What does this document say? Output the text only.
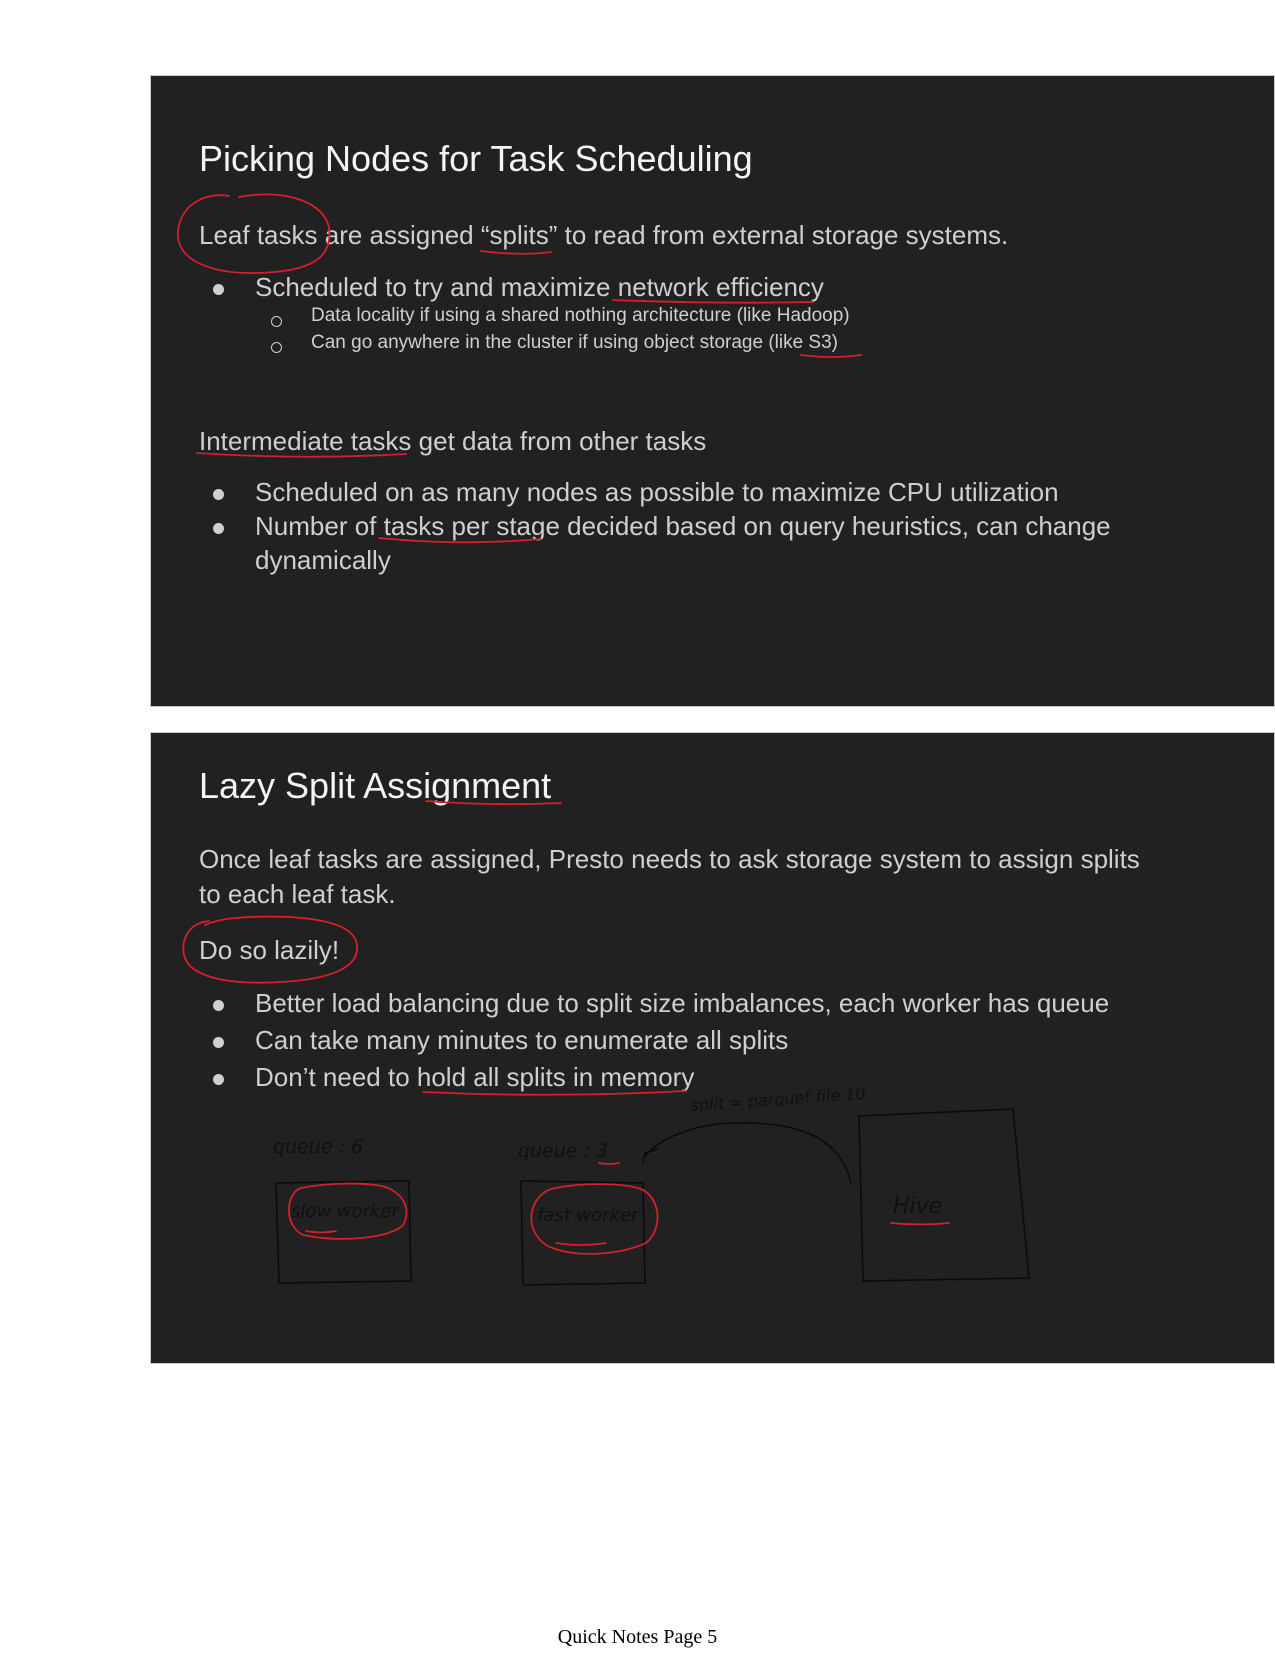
Picking Nodes for Task Scheduling

Leaf tasks are assigned “splits” to read from external storage systems.

Scheduled to try and maximize network efficiency

Data locality if using a shared nothing architecture (like Hadoop)

Can go anywhere in the cluster if using object storage (like S3)

Intermediate tasks get data from other tasks

Scheduled on as many nodes as possible to maximize CPU utilization

Number of tasks per stage decided based on query heuristics, can change

dynamically

Lazy Split Assignment

Once leaf tasks are assigned, Presto needs to ask storage system to assign splits

to each leaf task.

Do so lazily!

Better load balancing due to split size imbalances, each worker has queue

Can take many minutes to enumerate all splits

Don’t need to hold all splits in memory

slow worker
queue : 6
fast worker
queue : 3
Hive
split = parquet file 10

Quick Notes Page 5
